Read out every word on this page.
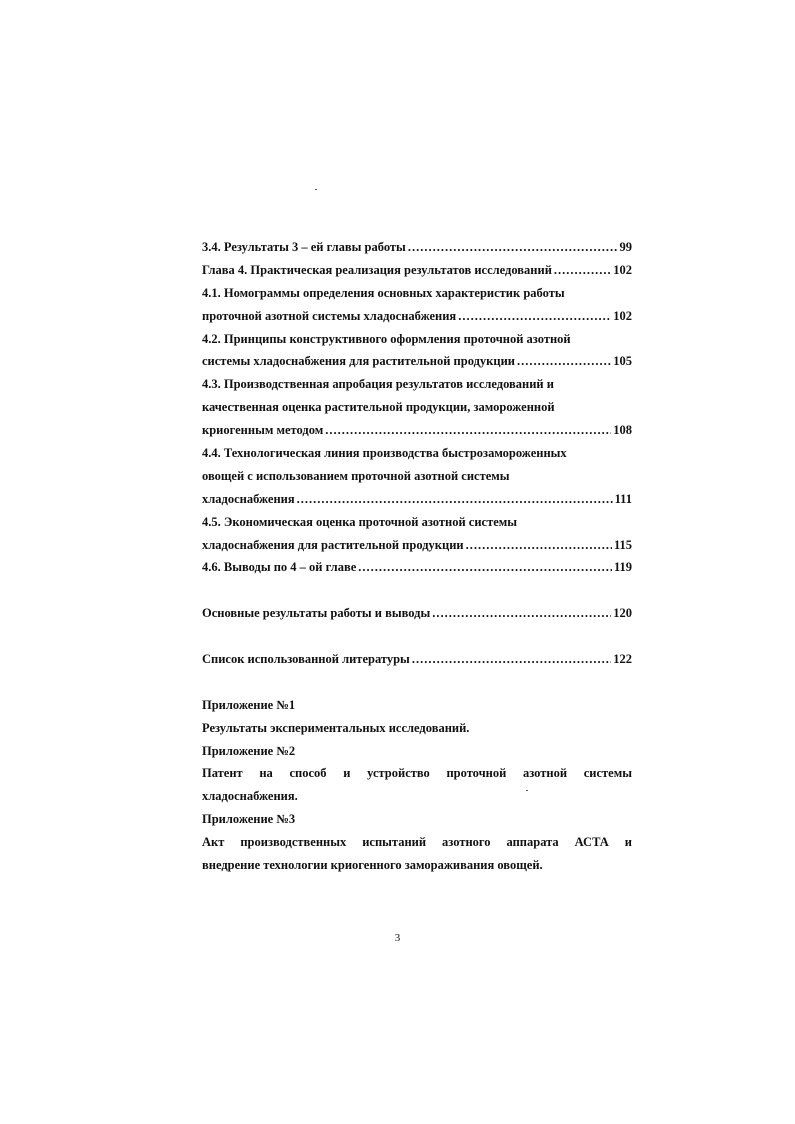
3.4. Результаты 3 – ей главы работы .....	99
Глава 4. Практическая реализация результатов исследований .....	102
4.1. Номограммы определения основных характеристик работы
проточной азотной системы хладоснабжения .....	102
4.2. Принципы конструктивного оформления проточной азотной
системы хладоснабжения для растительной продукции .....	105
4.3. Производственная апробация результатов исследований и
качественная оценка растительной продукции, замороженной
криогенным методом .....	108
4.4. Технологическая линия производства быстрозамороженных
овощей с использованием проточной азотной системы
хладоснабжения .....	111
4.5. Экономическая оценка проточной азотной системы
хладоснабжения для растительной продукции .....	115
4.6. Выводы по 4 – ой главе .....	119
Основные результаты работы и выводы .....	120
Список использованной литературы .....	122
Приложение №1
Результаты экспериментальных исследований.
Приложение №2
Патент на способ и устройство проточной азотной системы
хладоснабжения.
Приложение №3
Акт производственных испытаний азотного аппарата АСТА и
внедрение технологии криогенного замораживания овощей.
3
